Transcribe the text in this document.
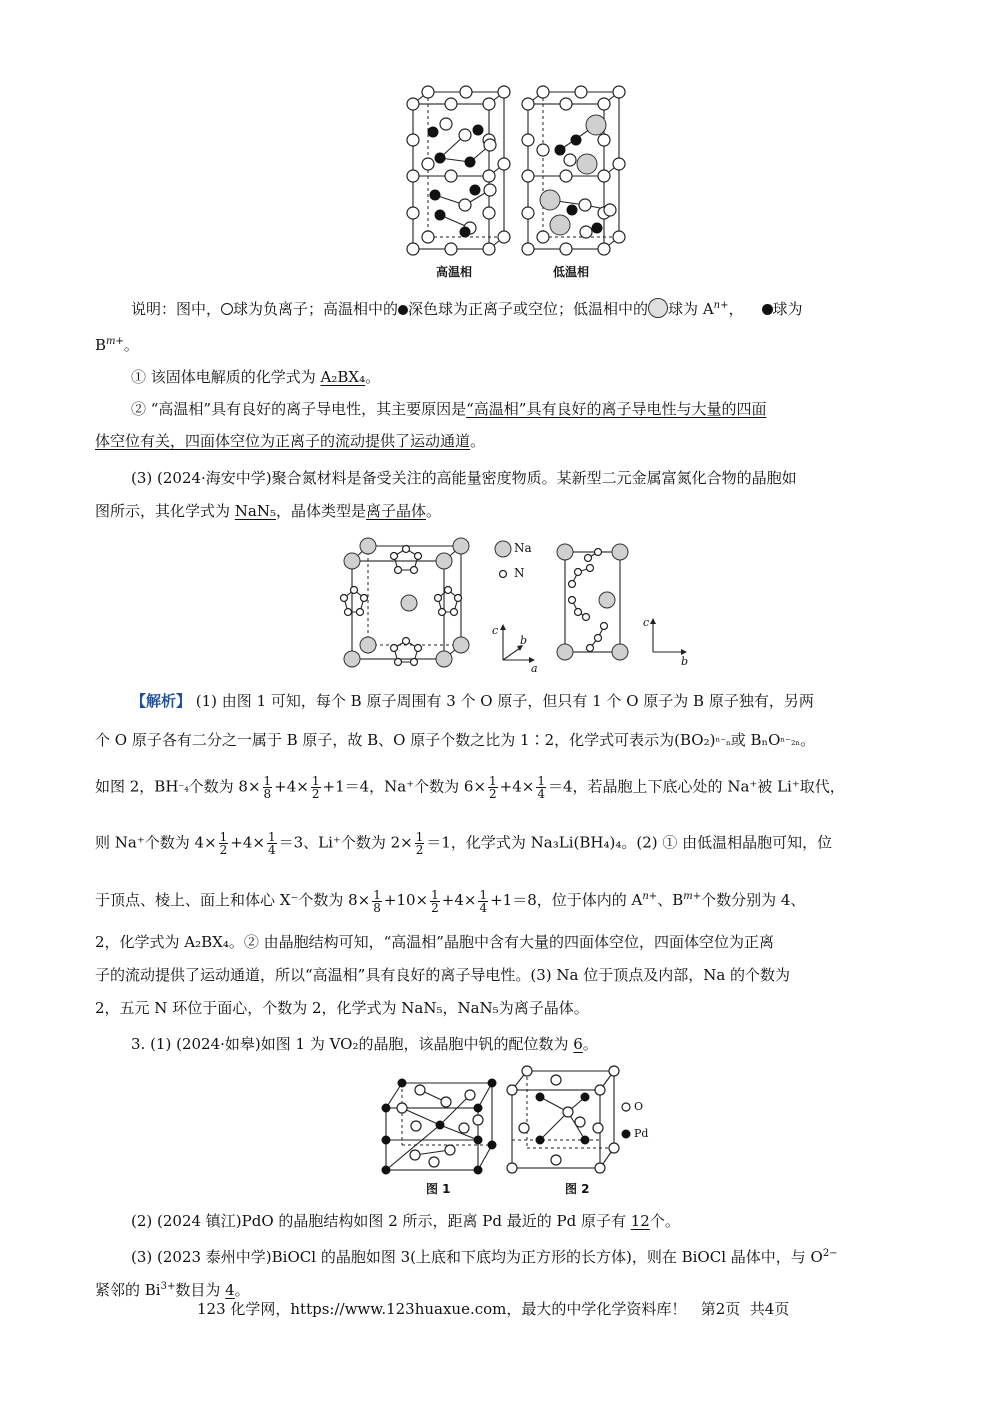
高温相	低温相
说明：图中， 球为负离子；高温相中的 深色球为正离子或空位；低温相中的 球为 $A^{n+}$， 球为
$B^{m+}$。
① 该固体电解质的化学式为 A₂BX₄。
② “高温相”具有良好的离子导电性，其主要原因是“高温相”具有良好的离子导电性与大量的四面
体空位有关，四面体空位为正离子的流动提供了运动通道。
(3) (2024·海安中学)聚合氮材料是备受关注的高能量密度物质。某新型二元金属富氮化合物的晶胞如
图所示，其化学式为 NaN₅，晶体类型是离子晶体。
Na
N
c
b
a
c
b
【解析】 (1) 由图 1 可知，每个 B 原子周围有 3 个 O 原子，但只有 1 个 O 原子为 B 原子独有，另两
个 O 原子各有二分之一属于 B 原子，故 B、O 原子个数之比为 1∶2，化学式可表示为(BO₂)ⁿ⁻ₙ或 BₙOⁿ⁻₂ₙ。
如图 2，BH⁻₄个数为 $8\times \frac{1}{8} +4\times \frac{1}{2} +1=4$，Na⁺个数为 $6\times \frac{1}{2} +4\times \frac{1}{4} =4$，若晶胞上下底心处的 Na⁺被 Li⁺取代，
则 Na⁺个数为 $4\times \frac{1}{2} +4\times \frac{1}{4} =3$、Li⁺个数为 $2\times \frac{1}{2} =1$，化学式为 Na₃Li(BH₄)₄。(2) ① 由低温相晶胞可知，位
于顶点、棱上、面上和体心 X⁻个数为 $8\times \frac{1}{8} +10\times \frac{1}{2} +4\times \frac{1}{4} +1=8$，位于体内的 $A^{n+}$、$B^{m+}$个数分别为 4、
2，化学式为 A₂BX₄。② 由晶胞结构可知，“高温相”晶胞中含有大量的四面体空位，四面体空位为正离
子的流动提供了运动通道，所以“高温相”具有良好的离子导电性。(3) Na 位于顶点及内部，Na 的个数为
2，五元 N 环位于面心，个数为 2，化学式为 NaN₅，NaN₅为离子晶体。
3. (1) (2024·如皋)如图 1 为 VO₂的晶胞，该晶胞中钒的配位数为 6。
O
Pd
图 1	图 2
(2) (2024 镇江)PdO 的晶胞结构如图 2 所示，距离 Pd 最近的 Pd 原子有 12个。
(3) (2023 泰州中学)BiOCl 的晶胞如图 3(上底和下底均为正方形的长方体)，则在 BiOCl 晶体中，与 $O^{2-}$
紧邻的 $Bi^{3+}$数目为 4。
123 化学网，https://www.123huaxue.com，最大的中学化学资料库！   第2页  共4页
